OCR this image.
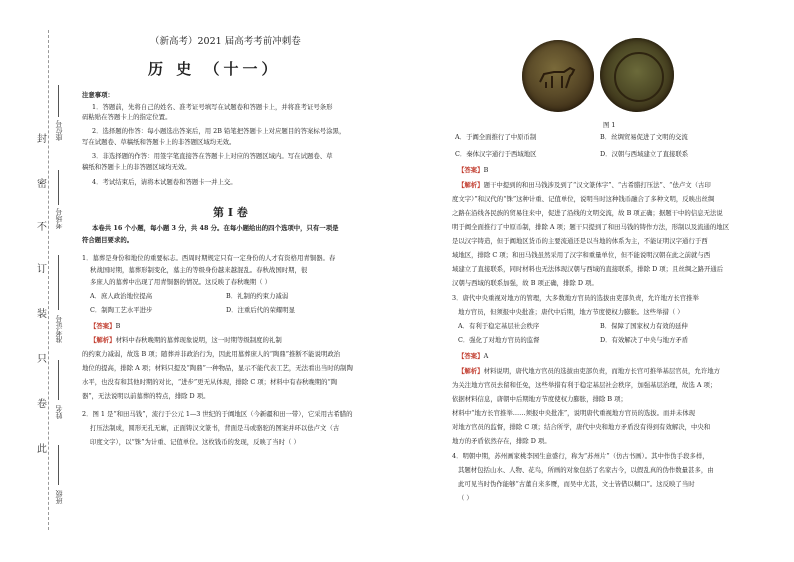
封
密
不
订
装
只
卷
此
座位号
考场号
准考证号
姓名
班级
（新高考）2021 届高考考前冲刺卷
历 史 （十一）
注意事项：
1．答题前，先将自己的姓名、准考证号填写在试题卷和答题卡上，并将准考证号条形
码粘贴在答题卡上的指定位置。
2．选择题的作答：每小题选出答案后，用 2B 铅笔把答题卡上对应题目的答案标号涂黑，
写在试题卷、草稿纸和答题卡上的非答题区域均无效。
3．非选择题的作答：用签字笔直接答在答题卡上对应的答题区域内。写在试题卷、草
稿纸和答题卡上的非答题区域均无效。
4．考试结束后，请将本试题卷和答题卡一并上交。
第 Ⅰ 卷
本卷共 16 个小题，每小题 3 分，共 48 分。在每小题给出的四个选项中，只有一项是
符合题目要求的。
1．墓葬是身份和地位的重要标志。西周时期规定只有一定身份的人才有资格用青铜器。春
秋战国时期，墓葬形制变化，墓主的等级身份越来越混乱。春秋战国时期，很
多庶人的墓葬中出现了用青铜器的情况。这反映了春秋晚期（ ）
A．庶人政治地位提高	B．礼制的约束力减弱
C．制陶工艺水平进步	D．注重后代的荣耀明显
【答案】B
【解析】材料中春秋晚期的墓葬现象说明，这一时期等级制度的礼制
的约束力减弱，故选 B 项；随葬并非政治行为，因此用墓葬庶人的“陶鼎”推断不能说明政治
地位的提高，排除 A 项；材料只提及“陶鼎”一种物品，显示不能代表工艺，无法看出当时的制陶
水平，也没有和其他时期的对比，“进步”更无从体现，排除 C 项；材料中有春秋晚期的“陶
器”，无法说明以前墓葬的特点，排除 D 项。
2．图 1 是“和田马钱”，流行于公元 1—3 世纪的于阗地区（今新疆和田一带），它采用古希腊的
打压法制成，圆形无孔无廓，正面铸汉文篆书，背面是马或骆驼的图案并环以佉卢文（古
印度文字），以“铢”为计重、记值单位。这枚钱币的发现，反映了当时（ ）
图 1
A．于阗全面推行了中原币制	B．丝绸贸易促进了文明的交流
C．秦体汉字通行于西域地区	D．汉朝与西域建立了直接联系
【答案】B
【解析】题干中提到的和田马钱涉及到了“汉文篆体字”、“古希腊打压法”、“佉卢文（古印
度文字）”和汉代的“铢”这种计重、记值单位，说明当时这种钱币融合了多种文明，反映出丝绸
之路在沿线各民族的贸易往来中，促进了沿线的文明交流，故 B 项正确；据题干中的信息无法说
明于阗全面推行了中原币制，排除 A 项；题干只提到了和田马钱的铸作方法，形制以及流通的地区
是以汉字铸造，但于阗地区货币的主要流通还是以当地的体系为主，不能证明汉字通行于西
域地区，排除 C 项；和田马钱虽然采用了汉字和重量单位，但不能说明汉朝在此之前就与西
域建立了直接联系，同时材料也无法体现汉朝与西域的直接联系，排除 D 项；且丝绸之路开通后
汉朝与西域的联系加强，故 B 项正确，排除 D 项。
3．唐代中央重视对地方的管理，大多数地方官员的选拔由吏部负责，允许地方长官推举
地方官员，但须报中央批准；唐代中后期，地方节度使权力膨胀。这些举措（ ）
A．有利于稳定基层社会秩序	B．保障了国家权力有效的延伸
C．强化了对地方官员的监督	D．有效解决了中央与地方矛盾
【答案】A
【解析】材料说明，唐代地方官员的选拔由吏部负责，而地方长官可推举基层官员，允许地方
为关注地方官员去留和任免，这些举措有利于稳定基层社会秩序，加强基层治理，故选 A 项；
依据材料信息，唐朝中后期地方节度使权力膨胀，排除 B 项；
材料中“地方长官推举……须报中央批准”，说明唐代重视地方官员的选拔。而并未体现
对地方官员的监督，排除 C 项；结合所学，唐代中央和地方矛盾没有得到有效解决，中央和
地方的矛盾依然存在，排除 D 项。
4．明朝中期，苏州画家桃李园生意盛行，称为“苏州片”（仿古书画）。其中作伪手段多样，
其题材包括山水、人物、花鸟，所画的对象包括了名家古今，以假乱真的伪作数量甚多，由
此可见当时伪作能够“古董自来多赝，而吴中尤甚，文士皆借以糊口”。这反映了当时
（ ）
